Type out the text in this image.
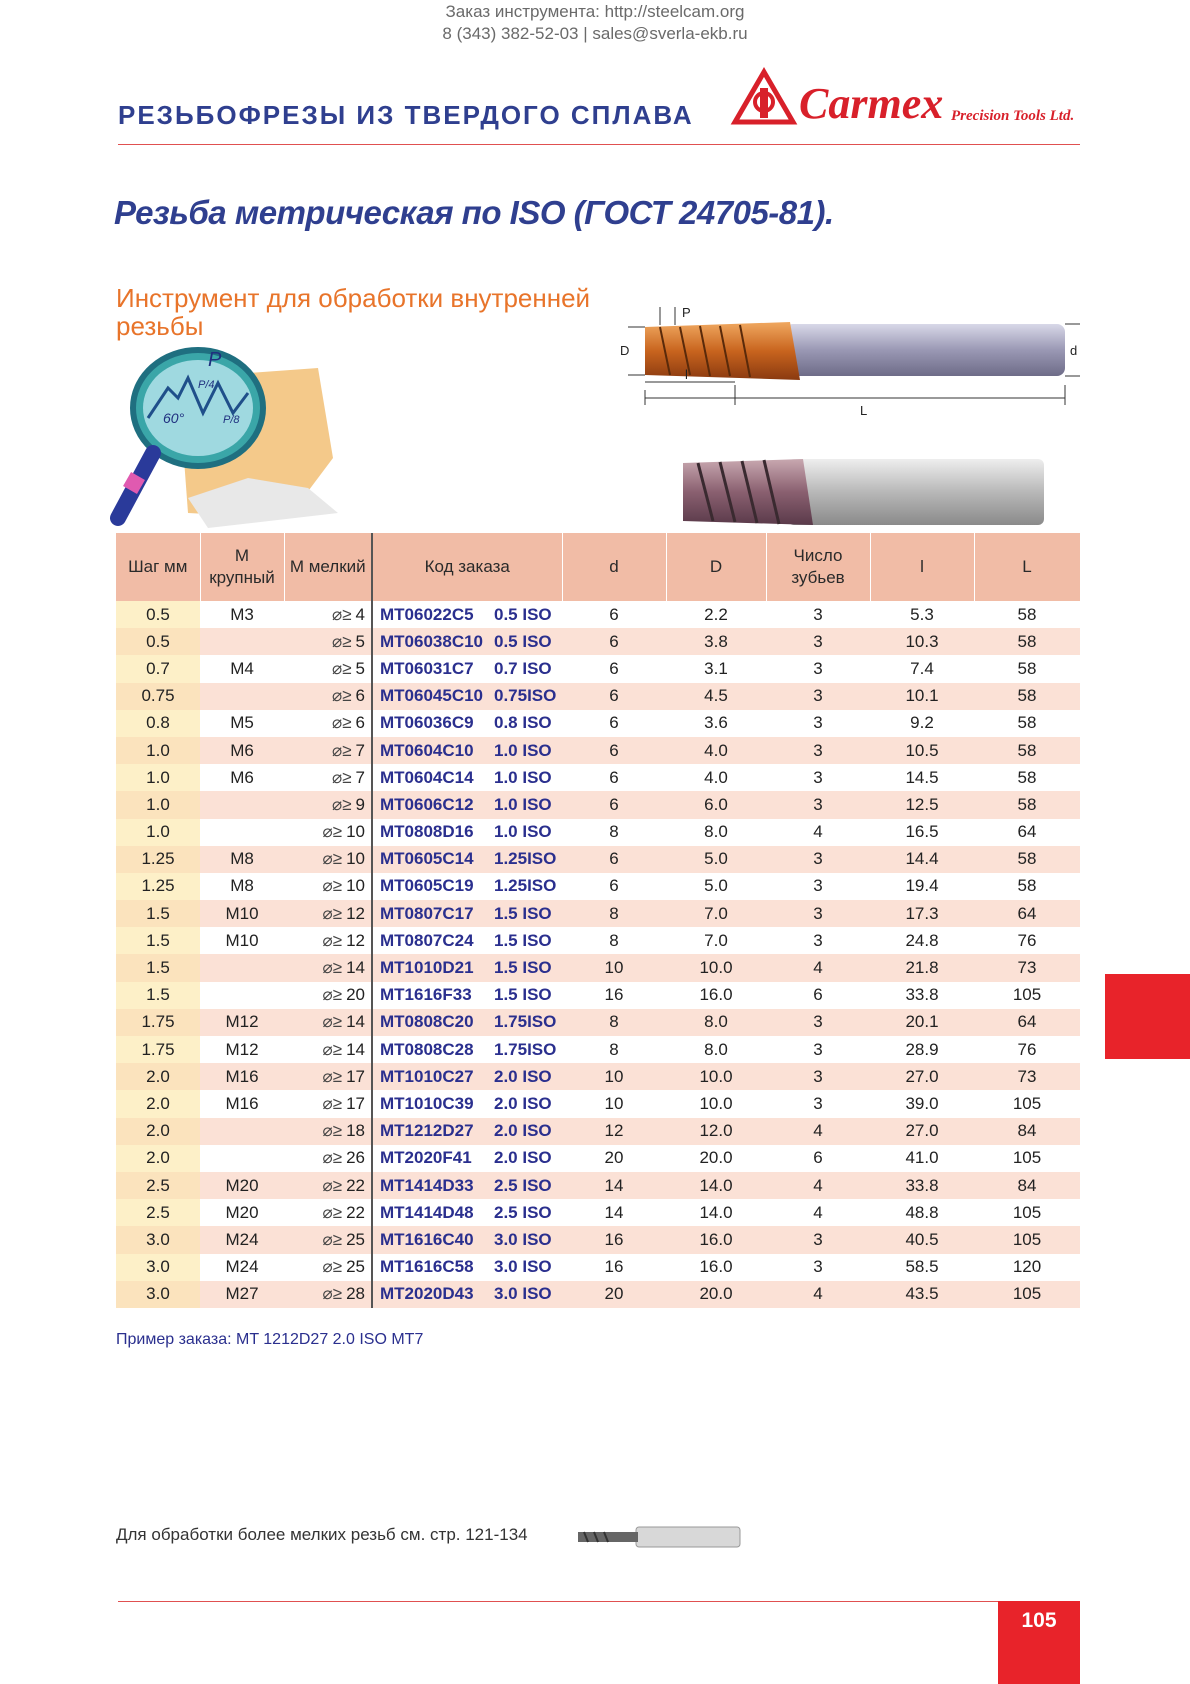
Заказ инструмента: http://steelcam.org
8 (343) 382-52-03 | sales@sverla-ekb.ru
РЕЗЬБОФРЕЗЫ ИЗ ТВЕРДОГО СПЛАВА Carmex Precision Tools Ltd.
Резьба метрическая по ISO (ГОСТ 24705-81).
Инструмент для обработки внутренней резьбы
P
P/4
60°	P/8
P
D	d
l
L
Шаг мм	М крупный	М мелкий	Код заказа	d	D	Число зубьев	l	L
0.5	M3	⌀≥ 4	MT06022C5 0.5 ISO	6	2.2	3	5.3	58
0.5		⌀≥ 5	MT06038C10 0.5 ISO	6	3.8	3	10.3	58
0.7	M4	⌀≥ 5	MT06031C7 0.7 ISO	6	3.1	3	7.4	58
0.75		⌀≥ 6	MT06045C10 0.75ISO	6	4.5	3	10.1	58
0.8	M5	⌀≥ 6	MT06036C9 0.8 ISO	6	3.6	3	9.2	58
1.0	M6	⌀≥ 7	MT0604C10 1.0 ISO	6	4.0	3	10.5	58
1.0	M6	⌀≥ 7	MT0604C14 1.0 ISO	6	4.0	3	14.5	58
1.0		⌀≥ 9	MT0606C12 1.0 ISO	6	6.0	3	12.5	58
1.0		⌀≥ 10	MT0808D16 1.0 ISO	8	8.0	4	16.5	64
1.25	M8	⌀≥ 10	MT0605C14 1.25ISO	6	5.0	3	14.4	58
1.25	M8	⌀≥ 10	MT0605C19 1.25ISO	6	5.0	3	19.4	58
1.5	M10	⌀≥ 12	MT0807C17 1.5 ISO	8	7.0	3	17.3	64
1.5	M10	⌀≥ 12	MT0807C24 1.5 ISO	8	7.0	3	24.8	76
1.5		⌀≥ 14	MT1010D21 1.5 ISO	10	10.0	4	21.8	73
1.5		⌀≥ 20	MT1616F33 1.5 ISO	16	16.0	6	33.8	105
1.75	M12	⌀≥ 14	MT0808C20 1.75ISO	8	8.0	3	20.1	64
1.75	M12	⌀≥ 14	MT0808C28 1.75ISO	8	8.0	3	28.9	76
2.0	M16	⌀≥ 17	MT1010C27 2.0 ISO	10	10.0	3	27.0	73
2.0	M16	⌀≥ 17	MT1010C39 2.0 ISO	10	10.0	3	39.0	105
2.0		⌀≥ 18	MT1212D27 2.0 ISO	12	12.0	4	27.0	84
2.0		⌀≥ 26	MT2020F41 2.0 ISO	20	20.0	6	41.0	105
2.5	M20	⌀≥ 22	MT1414D33 2.5 ISO	14	14.0	4	33.8	84
2.5	M20	⌀≥ 22	MT1414D48 2.5 ISO	14	14.0	4	48.8	105
3.0	M24	⌀≥ 25	MT1616C40 3.0 ISO	16	16.0	3	40.5	105
3.0	M24	⌀≥ 25	MT1616C58 3.0 ISO	16	16.0	3	58.5	120
3.0	M27	⌀≥ 28	MT2020D43 3.0 ISO	20	20.0	4	43.5	105
Пример заказа: MT 1212D27 2.0 ISO MT7
Для обработки более мелких резьб см. стр. 121-134
105
